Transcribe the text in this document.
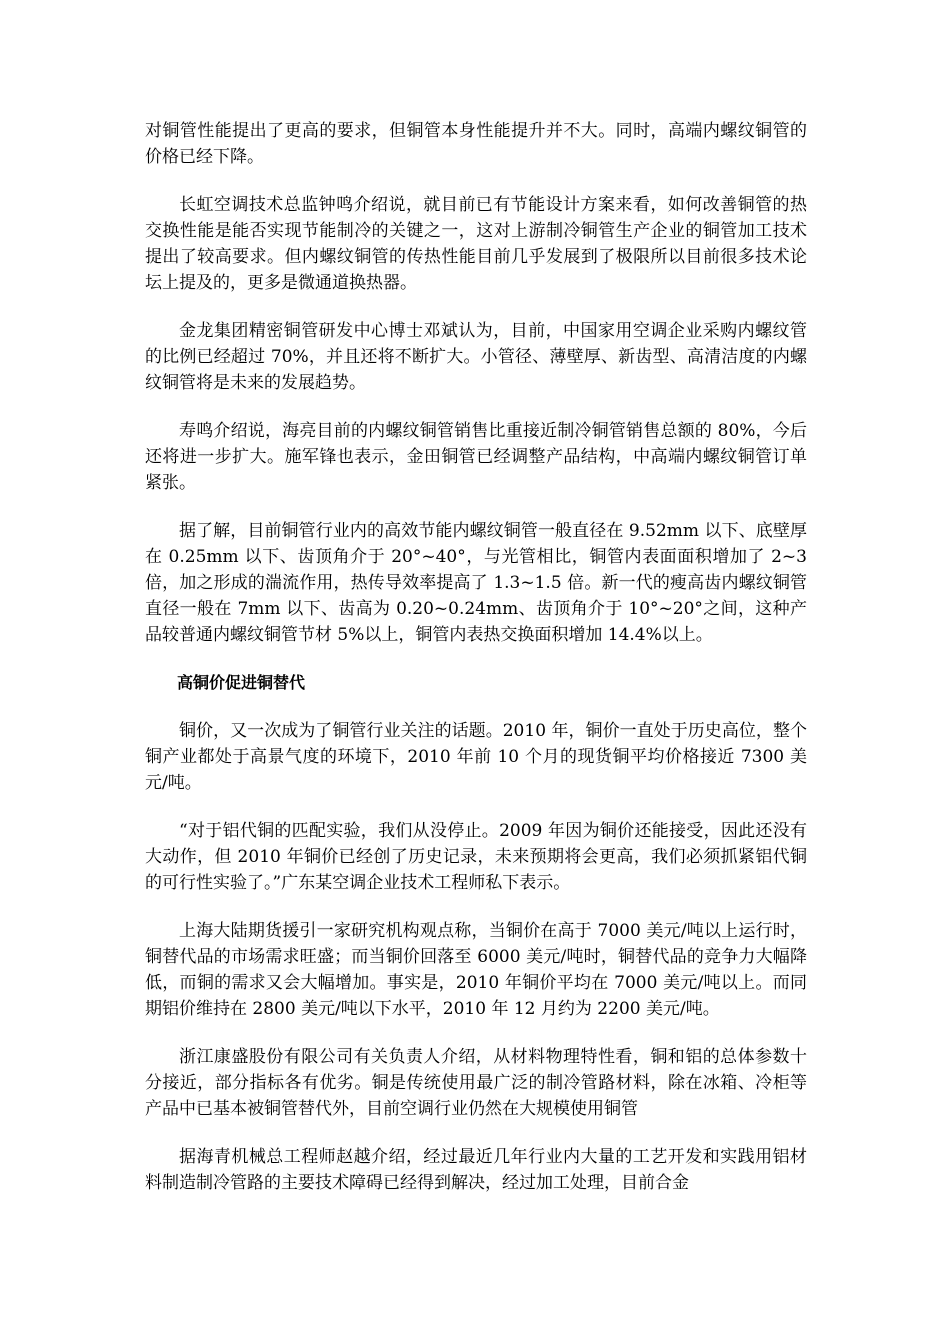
对铜管性能提出了更高的要求，但铜管本身性能提升并不大。同时，高端内螺纹铜管的价格已经下降。

长虹空调技术总监钟鸣介绍说，就目前已有节能设计方案来看，如何改善铜管的热交换性能是能否实现节能制冷的关键之一，这对上游制冷铜管生产企业的铜管加工技术提出了较高要求。但内螺纹铜管的传热性能目前几乎发展到了极限所以目前很多技术论坛上提及的，更多是微通道换热器。

金龙集团精密铜管研发中心博士邓斌认为，目前，中国家用空调企业采购内螺纹管的比例已经超过 70%，并且还将不断扩大。小管径、薄壁厚、新齿型、高清洁度的内螺纹铜管将是未来的发展趋势。

寿鸣介绍说，海亮目前的内螺纹铜管销售比重接近制冷铜管销售总额的 80%，今后还将进一步扩大。施军锋也表示，金田铜管已经调整产品结构，中高端内螺纹铜管订单紧张。

据了解，目前铜管行业内的高效节能内螺纹铜管一般直径在 9.52mm 以下、底壁厚在 0.25mm 以下、齿顶角介于 20°~40°，与光管相比，铜管内表面面积增加了 2~3 倍，加之形成的湍流作用，热传导效率提高了 1.3~1.5 倍。新一代的瘦高齿内螺纹铜管直径一般在 7mm 以下、齿高为 0.20~0.24mm、齿顶角介于 10°~20°之间，这种产品较普通内螺纹铜管节材 5%以上，铜管内表热交换面积增加 14.4%以上。

高铜价促进铜替代

铜价，又一次成为了铜管行业关注的话题。2010 年，铜价一直处于历史高位，整个铜产业都处于高景气度的环境下，2010 年前 10 个月的现货铜平均价格接近 7300 美元/吨。

“对于铝代铜的匹配实验，我们从没停止。2009 年因为铜价还能接受，因此还没有大动作，但 2010 年铜价已经创了历史记录，未来预期将会更高，我们必须抓紧铝代铜的可行性实验了。”广东某空调企业技术工程师私下表示。

上海大陆期货援引一家研究机构观点称，当铜价在高于 7000 美元/吨以上运行时，铜替代品的市场需求旺盛；而当铜价回落至 6000 美元/吨时，铜替代品的竞争力大幅降低，而铜的需求又会大幅增加。事实是，2010 年铜价平均在 7000 美元/吨以上。而同期铝价维持在 2800 美元/吨以下水平，2010 年 12 月约为 2200 美元/吨。

浙江康盛股份有限公司有关负责人介绍，从材料物理特性看，铜和铝的总体参数十分接近，部分指标各有优劣。铜是传统使用最广泛的制冷管路材料，除在冰箱、冷柜等产品中已基本被铜管替代外，目前空调行业仍然在大规模使用铜管

据海青机械总工程师赵越介绍，经过最近几年行业内大量的工艺开发和实践用铝材料制造制冷管路的主要技术障碍已经得到解决，经过加工处理，目前合金
